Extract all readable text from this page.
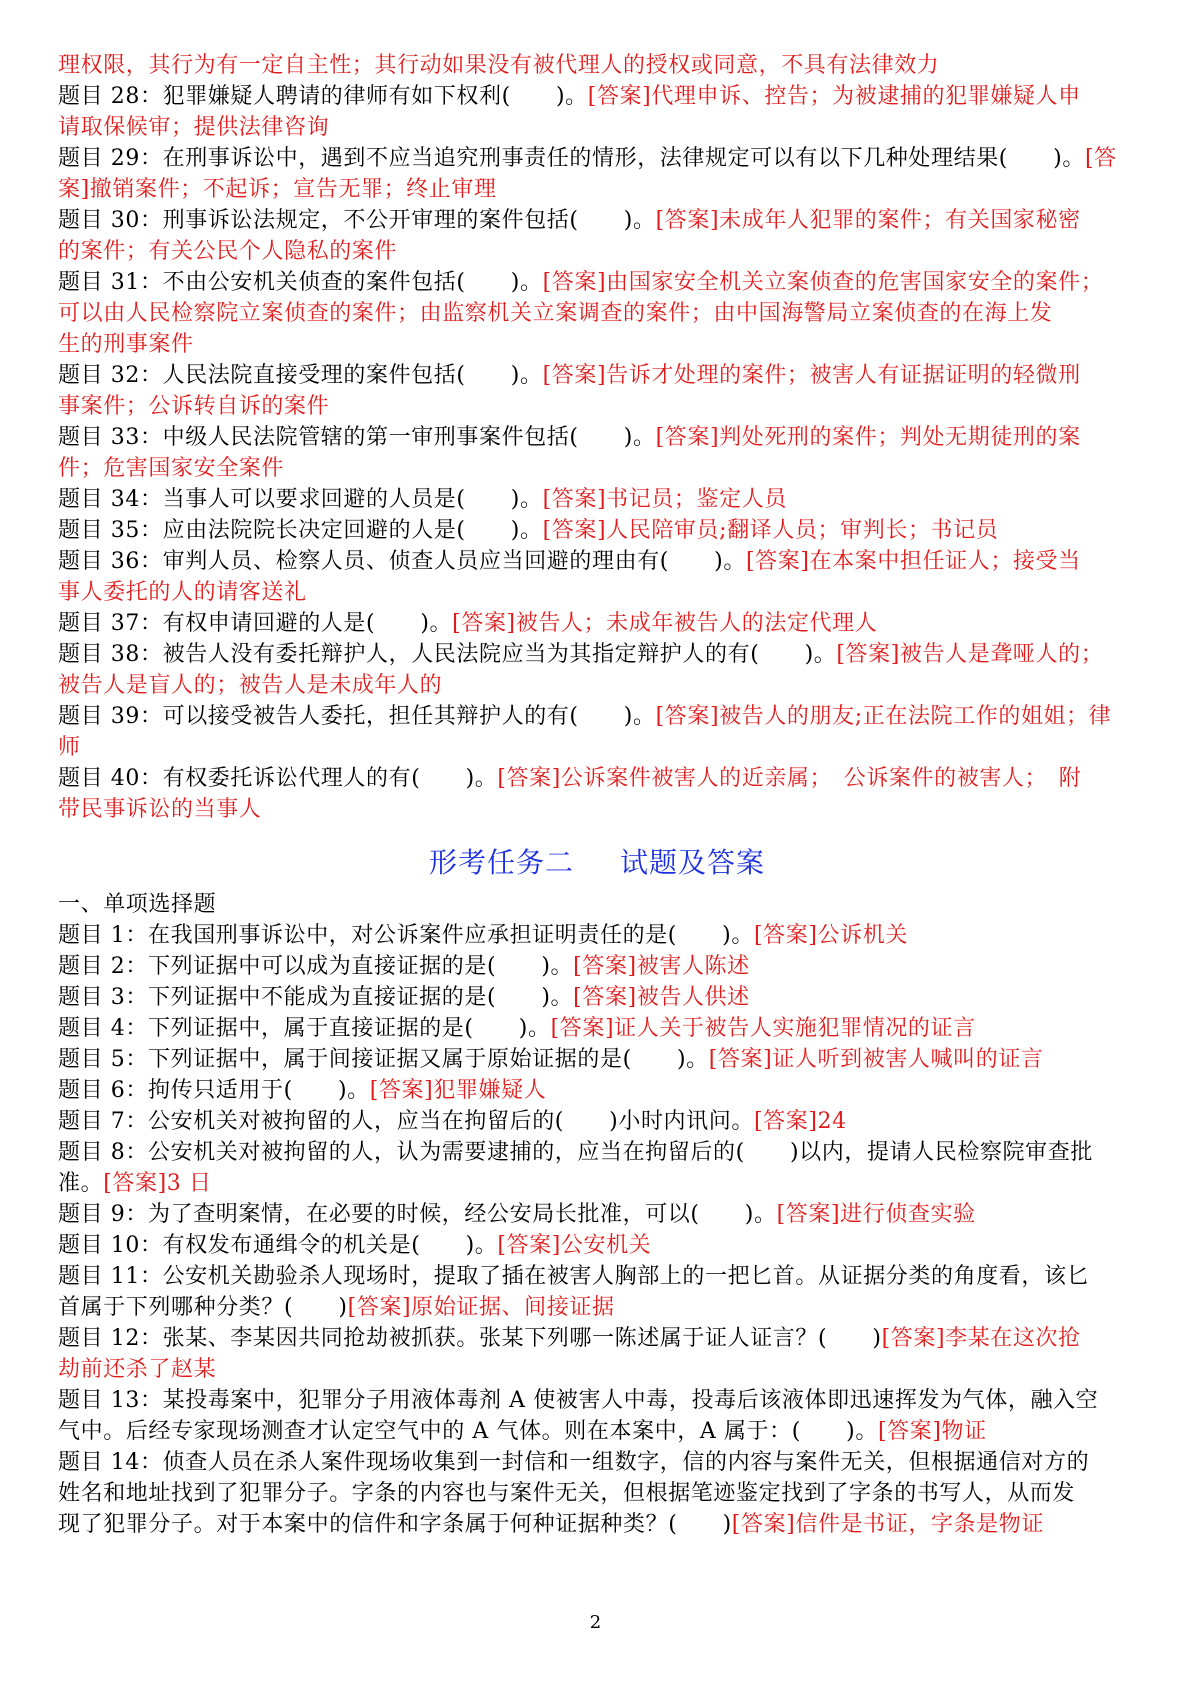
理权限，其行为有一定自主性；其行动如果没有被代理人的授权或同意，不具有法律效力
题目 28：犯罪嫌疑人聘请的律师有如下权利(　　)。[答案]代理申诉、控告；为被逮捕的犯罪嫌疑人申
请取保候审；提供法律咨询
题目 29：在刑事诉讼中，遇到不应当追究刑事责任的情形，法律规定可以有以下几种处理结果(　　)。[答
案]撤销案件；不起诉；宣告无罪；终止审理
题目 30：刑事诉讼法规定，不公开审理的案件包括(　　)。[答案]未成年人犯罪的案件；有关国家秘密
的案件；有关公民个人隐私的案件
题目 31：不由公安机关侦查的案件包括(　　)。[答案]由国家安全机关立案侦查的危害国家安全的案件；
可以由人民检察院立案侦查的案件；由监察机关立案调查的案件；由中国海警局立案侦查的在海上发
生的刑事案件
题目 32：人民法院直接受理的案件包括(　　)。[答案]告诉才处理的案件；被害人有证据证明的轻微刑
事案件；公诉转自诉的案件
题目 33：中级人民法院管辖的第一审刑事案件包括(　　)。[答案]判处死刑的案件；判处无期徒刑的案
件；危害国家安全案件
题目 34：当事人可以要求回避的人员是(　　)。[答案]书记员；鉴定人员
题目 35：应由法院院长决定回避的人是(　　)。[答案]人民陪审员;翻译人员；审判长；书记员
题目 36：审判人员、检察人员、侦查人员应当回避的理由有(　　)。[答案]在本案中担任证人；接受当
事人委托的人的请客送礼
题目 37：有权申请回避的人是(　　)。[答案]被告人；未成年被告人的法定代理人
题目 38：被告人没有委托辩护人，人民法院应当为其指定辩护人的有(　　)。[答案]被告人是聋哑人的；
被告人是盲人的；被告人是未成年人的
题目 39：可以接受被告人委托，担任其辩护人的有(　　)。[答案]被告人的朋友;正在法院工作的姐姐；律
师
题目 40：有权委托诉讼代理人的有(　　)。[答案]公诉案件被害人的近亲属；　公诉案件的被害人；　附
带民事诉讼的当事人
形考任务二 试题及答案
一、单项选择题
题目 1：在我国刑事诉讼中，对公诉案件应承担证明责任的是(　　)。[答案]公诉机关
题目 2：下列证据中可以成为直接证据的是(　　)。[答案]被害人陈述
题目 3：下列证据中不能成为直接证据的是(　　)。[答案]被告人供述
题目 4：下列证据中，属于直接证据的是(　　)。[答案]证人关于被告人实施犯罪情况的证言
题目 5：下列证据中，属于间接证据又属于原始证据的是(　　)。[答案]证人听到被害人喊叫的证言
题目 6：拘传只适用于(　　)。[答案]犯罪嫌疑人
题目 7：公安机关对被拘留的人，应当在拘留后的(　　)小时内讯问。[答案]24
题目 8：公安机关对被拘留的人，认为需要逮捕的，应当在拘留后的(　　)以内，提请人民检察院审查批
准。[答案]3 日
题目 9：为了查明案情，在必要的时候，经公安局长批准，可以(　　)。[答案]进行侦查实验
题目 10：有权发布通缉令的机关是(　　)。[答案]公安机关
题目 11：公安机关勘验杀人现场时，提取了插在被害人胸部上的一把匕首。从证据分类的角度看，该匕
首属于下列哪种分类？(　　)[答案]原始证据、间接证据
题目 12：张某、李某因共同抢劫被抓获。张某下列哪一陈述属于证人证言？(　　)[答案]李某在这次抢
劫前还杀了赵某
题目 13：某投毒案中，犯罪分子用液体毒剂 A 使被害人中毒，投毒后该液体即迅速挥发为气体，融入空
气中。后经专家现场测查才认定空气中的 A 气体。则在本案中，A 属于：(　　)。[答案]物证
题目 14：侦查人员在杀人案件现场收集到一封信和一组数字，信的内容与案件无关，但根据通信对方的
姓名和地址找到了犯罪分子。字条的内容也与案件无关，但根据笔迹鉴定找到了字条的书写人，从而发
现了犯罪分子。对于本案中的信件和字条属于何种证据种类？(　　)[答案]信件是书证，字条是物证
2
